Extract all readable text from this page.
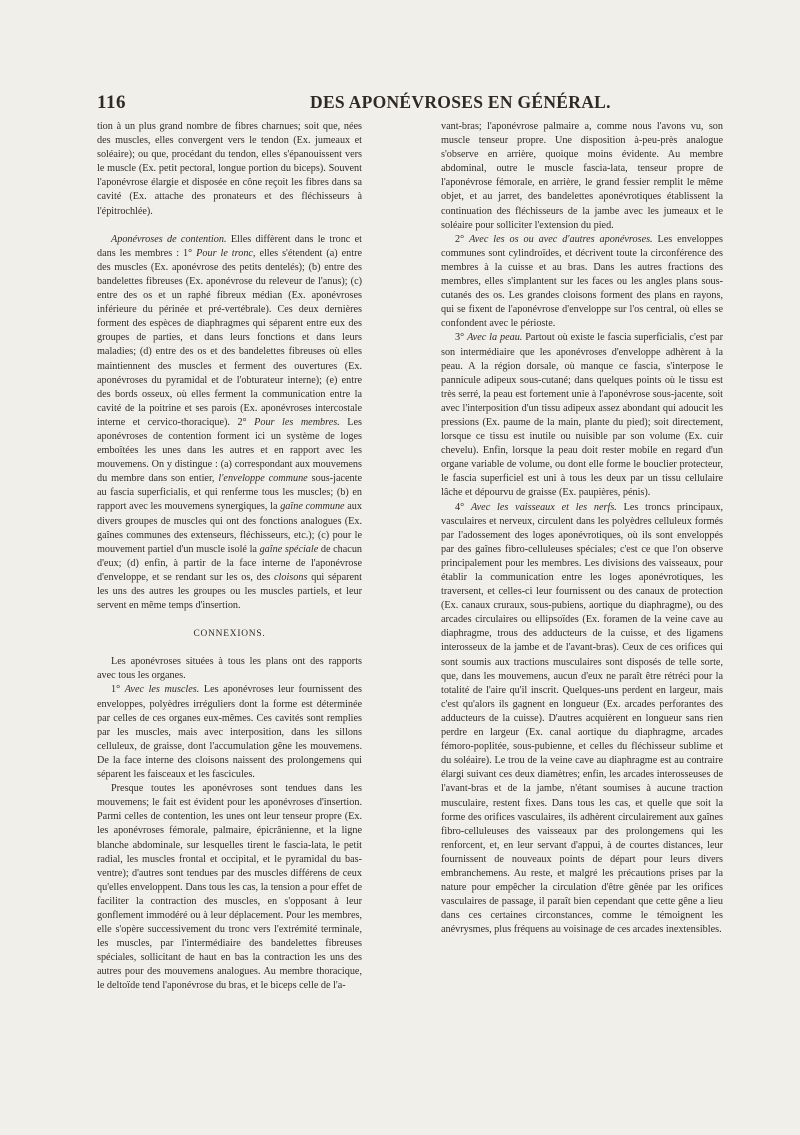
116	DES APONÉVROSES EN GÉNÉRAL.

tion à un plus grand nombre de fibres charnues; soit que, nées des muscles, elles convergent vers le tendon (Ex. jumeaux et soléaire); ou que, procédant du tendon, elles s'épanouissent vers le muscle (Ex. petit pectoral, longue portion du biceps). Souvent l'aponévrose élargie et disposée en cône reçoit les fibres dans sa cavité (Ex. attache des pronateurs et des fléchisseurs à l'épitrochlée).

Aponévroses de contention. Elles diffèrent dans le tronc et dans les membres : 1° Pour le tronc, elles s'étendent (a) entre des muscles (Ex. aponévrose des petits dentelés); (b) entre des bandelettes fibreuses (Ex. aponévrose du releveur de l'anus); (c) entre des os et un raphé fibreux médian (Ex. aponévroses inférieure du périnée et pré-vertébrale). Ces deux dernières forment des espèces de diaphragmes qui séparent entre eux des groupes de parties, et dans leurs fonctions et dans leurs maladies; (d) entre des os et des bandelettes fibreuses où elles maintiennent des muscles et ferment des ouvertures (Ex. aponévroses du pyramidal et de l'obturateur interne); (e) entre des bords osseux, où elles ferment la communication entre la cavité de la poitrine et ses parois (Ex. aponévroses intercostale interne et cervico-thoracique). 2° Pour les membres. Les aponévroses de contention forment ici un système de loges emboîtées les unes dans les autres et en rapport avec les mouvemens. On y distingue : (a) correspondant aux mouvemens du membre dans son entier, l'enveloppe commune sous-jacente au fascia superficialis, et qui renferme tous les muscles; (b) en rapport avec les mouvemens synergiques, la gaîne commune aux divers groupes de muscles qui ont des fonctions analogues (Ex. gaînes communes des extenseurs, fléchisseurs, etc.); (c) pour le mouvement partiel d'un muscle isolé la gaîne spéciale de chacun d'eux; (d) enfin, à partir de la face interne de l'aponévrose d'enveloppe, et se rendant sur les os, des cloisons qui séparent les uns des autres les groupes ou les muscles partiels, et leur servent en même temps d'insertion.

CONNEXIONS.

Les aponévroses situées à tous les plans ont des rapports avec tous les organes.

1° Avec les muscles. Les aponévroses leur fournissent des enveloppes, polyèdres irréguliers dont la forme est déterminée par celles de ces organes eux-mêmes. Ces cavités sont remplies par les muscles, mais avec interposition, dans les sillons celluleux, de graisse, dont l'accumulation gêne les mouvemens. De la face interne des cloisons naissent des prolongemens qui séparent les faisceaux et les fascicules.

Presque toutes les aponévroses sont tendues dans les mouvemens; le fait est évident pour les aponévroses d'insertion. Parmi celles de contention, les unes ont leur tenseur propre (Ex. les aponévroses fémorale, palmaire, épicrânienne, et la ligne blanche abdominale, sur lesquelles tirent le fascia-lata, le petit radial, les muscles frontal et occipital, et le pyramidal du bas-ventre); d'autres sont tendues par des muscles différens de ceux qu'elles enveloppent. Dans tous les cas, la tension a pour effet de faciliter la contraction des muscles, en s'opposant à leur gonflement immodéré ou à leur déplacement. Pour les membres, elle s'opère successivement du tronc vers l'extrémité terminale, les muscles, par l'intermédiaire des bandelettes fibreuses spéciales, sollicitant de haut en bas la contraction les uns des autres pour des mouvemens analogues. Au membre thoracique, le deltoïde tend l'aponévrose du bras, et le biceps celle de l'a-

vant-bras; l'aponévrose palmaire a, comme nous l'avons vu, son muscle tenseur propre. Une disposition à-peu-près analogue s'observe en arrière, quoique moins évidente. Au membre abdominal, outre le muscle fascia-lata, tenseur propre de l'aponévrose fémorale, en arrière, le grand fessier remplit le même objet, et au jarret, des bandelettes aponévrotiques établissent la continuation des fléchisseurs de la jambe avec les jumeaux et le soléaire pour solliciter l'extension du pied.

2° Avec les os ou avec d'autres aponévroses. Les enveloppes communes sont cylindroïdes, et décrivent toute la circonférence des membres à la cuisse et au bras. Dans les autres fractions des membres, elles s'implantent sur les faces ou les angles plans sous-cutanés des os. Les grandes cloisons forment des plans en rayons, qui se fixent de l'aponévrose d'enveloppe sur l'os central, où elles se confondent avec le périoste.

3° Avec la peau. Partout où existe le fascia superficialis, c'est par son intermédiaire que les aponévroses d'enveloppe adhèrent à la peau. A la région dorsale, où manque ce fascia, s'interpose le pannicule adipeux sous-cutané; dans quelques points où le tissu est très serré, la peau est fortement unie à l'aponévrose sous-jacente, soit avec l'interposition d'un tissu adipeux assez abondant qui adoucit les pressions (Ex. paume de la main, plante du pied); soit directement, lorsque ce tissu est inutile ou nuisible par son volume (Ex. cuir chevelu). Enfin, lorsque la peau doit rester mobile en regard d'un organe variable de volume, ou dont elle forme le bouclier protecteur, le fascia superficiel est uni à tous les deux par un tissu cellulaire lâche et dépourvu de graisse (Ex. paupières, pénis).

4° Avec les vaisseaux et les nerfs. Les troncs principaux, vasculaires et nerveux, circulent dans les polyèdres celluleux formés par l'adossement des loges aponévrotiques, où ils sont enveloppés par des gaînes fibro-celluleuses spéciales; c'est ce que l'on observe principalement pour les membres. Les divisions des vaisseaux, pour établir la communication entre les loges aponévrotiques, les traversent, et celles-ci leur fournissent ou des canaux de protection (Ex. canaux cruraux, sous-pubiens, aortique du diaphragme), ou des arcades circulaires ou ellipsoïdes (Ex. foramen de la veine cave au diaphragme, trous des adducteurs de la cuisse, et des ligamens interosseux de la jambe et de l'avant-bras). Ceux de ces orifices qui sont soumis aux tractions musculaires sont disposés de telle sorte, que, dans les mouvemens, aucun d'eux ne paraît être rétréci pour la totalité de l'aire qu'il inscrit. Quelques-uns perdent en largeur, mais c'est qu'alors ils gagnent en longueur (Ex. arcades perforantes des adducteurs de la cuisse). D'autres acquièrent en longueur sans rien perdre en largeur (Ex. canal aortique du diaphragme, arcades fémoro-poplitée, sous-pubienne, et celles du fléchisseur sublime et du soléaire). Le trou de la veine cave au diaphragme est au contraire élargi suivant ces deux diamètres; enfin, les arcades interosseuses de l'avant-bras et de la jambe, n'étant soumises à aucune traction musculaire, restent fixes. Dans tous les cas, et quelle que soit la forme des orifices vasculaires, ils adhèrent circulairement aux gaînes fibro-celluleuses des vaisseaux par des prolongemens qui les renforcent, et, en leur servant d'appui, à de courtes distances, leur fournissent de nouveaux points de départ pour leurs divers embranchemens. Au reste, et malgré les précautions prises par la nature pour empêcher la circulation d'être gênée par les orifices vasculaires de passage, il paraît bien cependant que cette gêne a lieu dans ces certaines circonstances, comme le témoignent les anévrysmes, plus fréquens au voisinage de ces arcades inextensibles.
